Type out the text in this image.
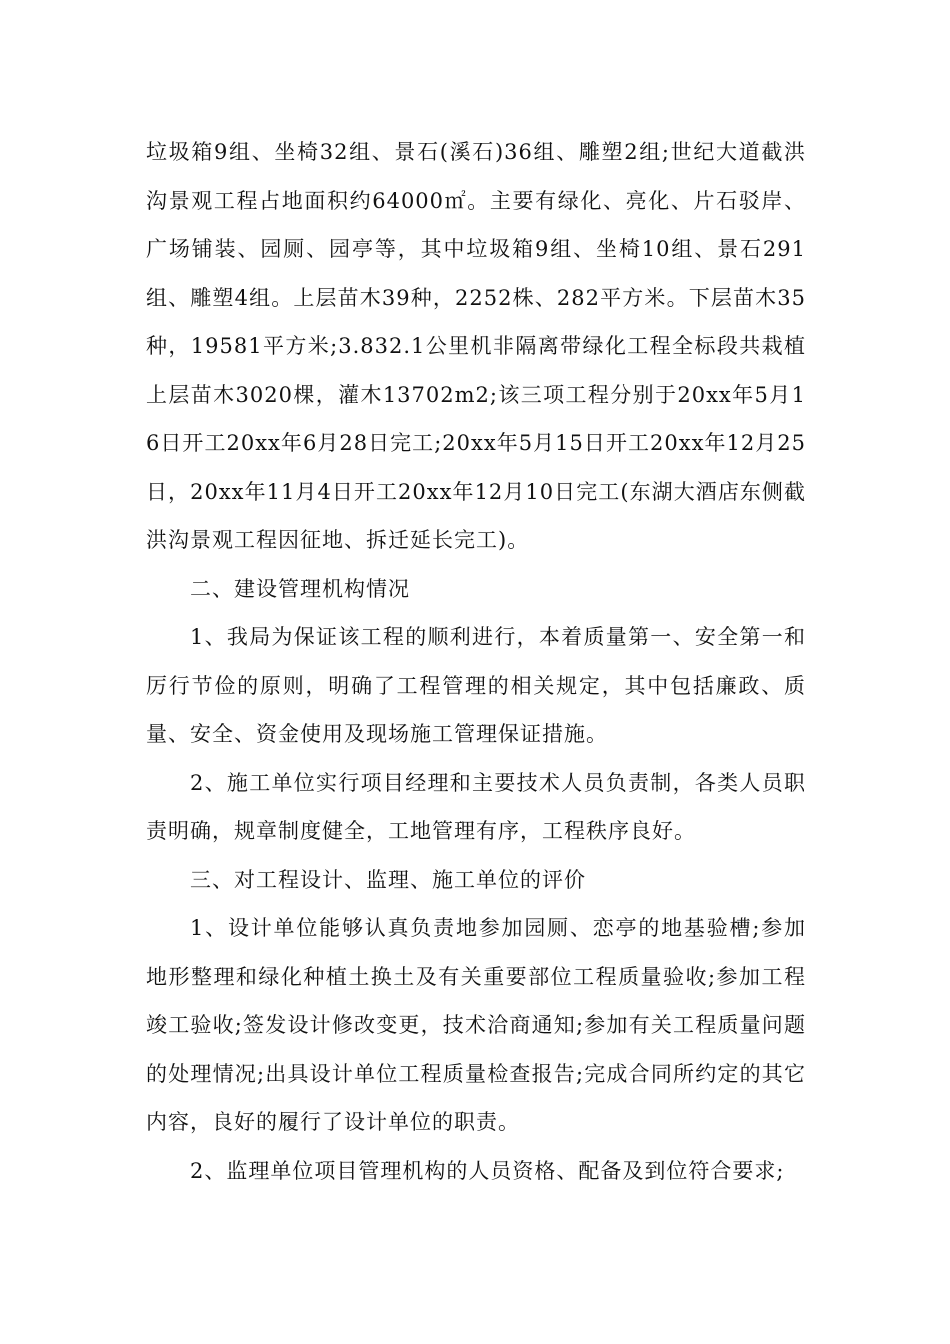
垃圾箱9组、坐椅32组、景石(溪石)36组、雕塑2组;世纪大道截洪沟景观工程占地面积约64000㎡。主要有绿化、亮化、片石驳岸、广场铺装、园厕、园亭等，其中垃圾箱9组、坐椅10组、景石291组、雕塑4组。上层苗木39种，2252株、282平方米。下层苗木35种，19581平方米;3.832.1公里机非隔离带绿化工程全标段共栽植上层苗木3020棵，灌木13702m2;该三项工程分别于20xx年5月16日开工20xx年6月28日完工;20xx年5月15日开工20xx年12月25日，20xx年11月4日开工20xx年12月10日完工(东湖大酒店东侧截洪沟景观工程因征地、拆迁延长完工)。

二、建设管理机构情况

1、我局为保证该工程的顺利进行，本着质量第一、安全第一和厉行节俭的原则，明确了工程管理的相关规定，其中包括廉政、质量、安全、资金使用及现场施工管理保证措施。

2、施工单位实行项目经理和主要技术人员负责制，各类人员职责明确，规章制度健全，工地管理有序，工程秩序良好。

三、对工程设计、监理、施工单位的评价

1、设计单位能够认真负责地参加园厕、恋亭的地基验槽;参加地形整理和绿化种植土换土及有关重要部位工程质量验收;参加工程竣工验收;签发设计修改变更，技术洽商通知;参加有关工程质量问题的处理情况;出具设计单位工程质量检查报告;完成合同所约定的其它内容，良好的履行了设计单位的职责。

2、监理单位项目管理机构的人员资格、配备及到位符合要求;
